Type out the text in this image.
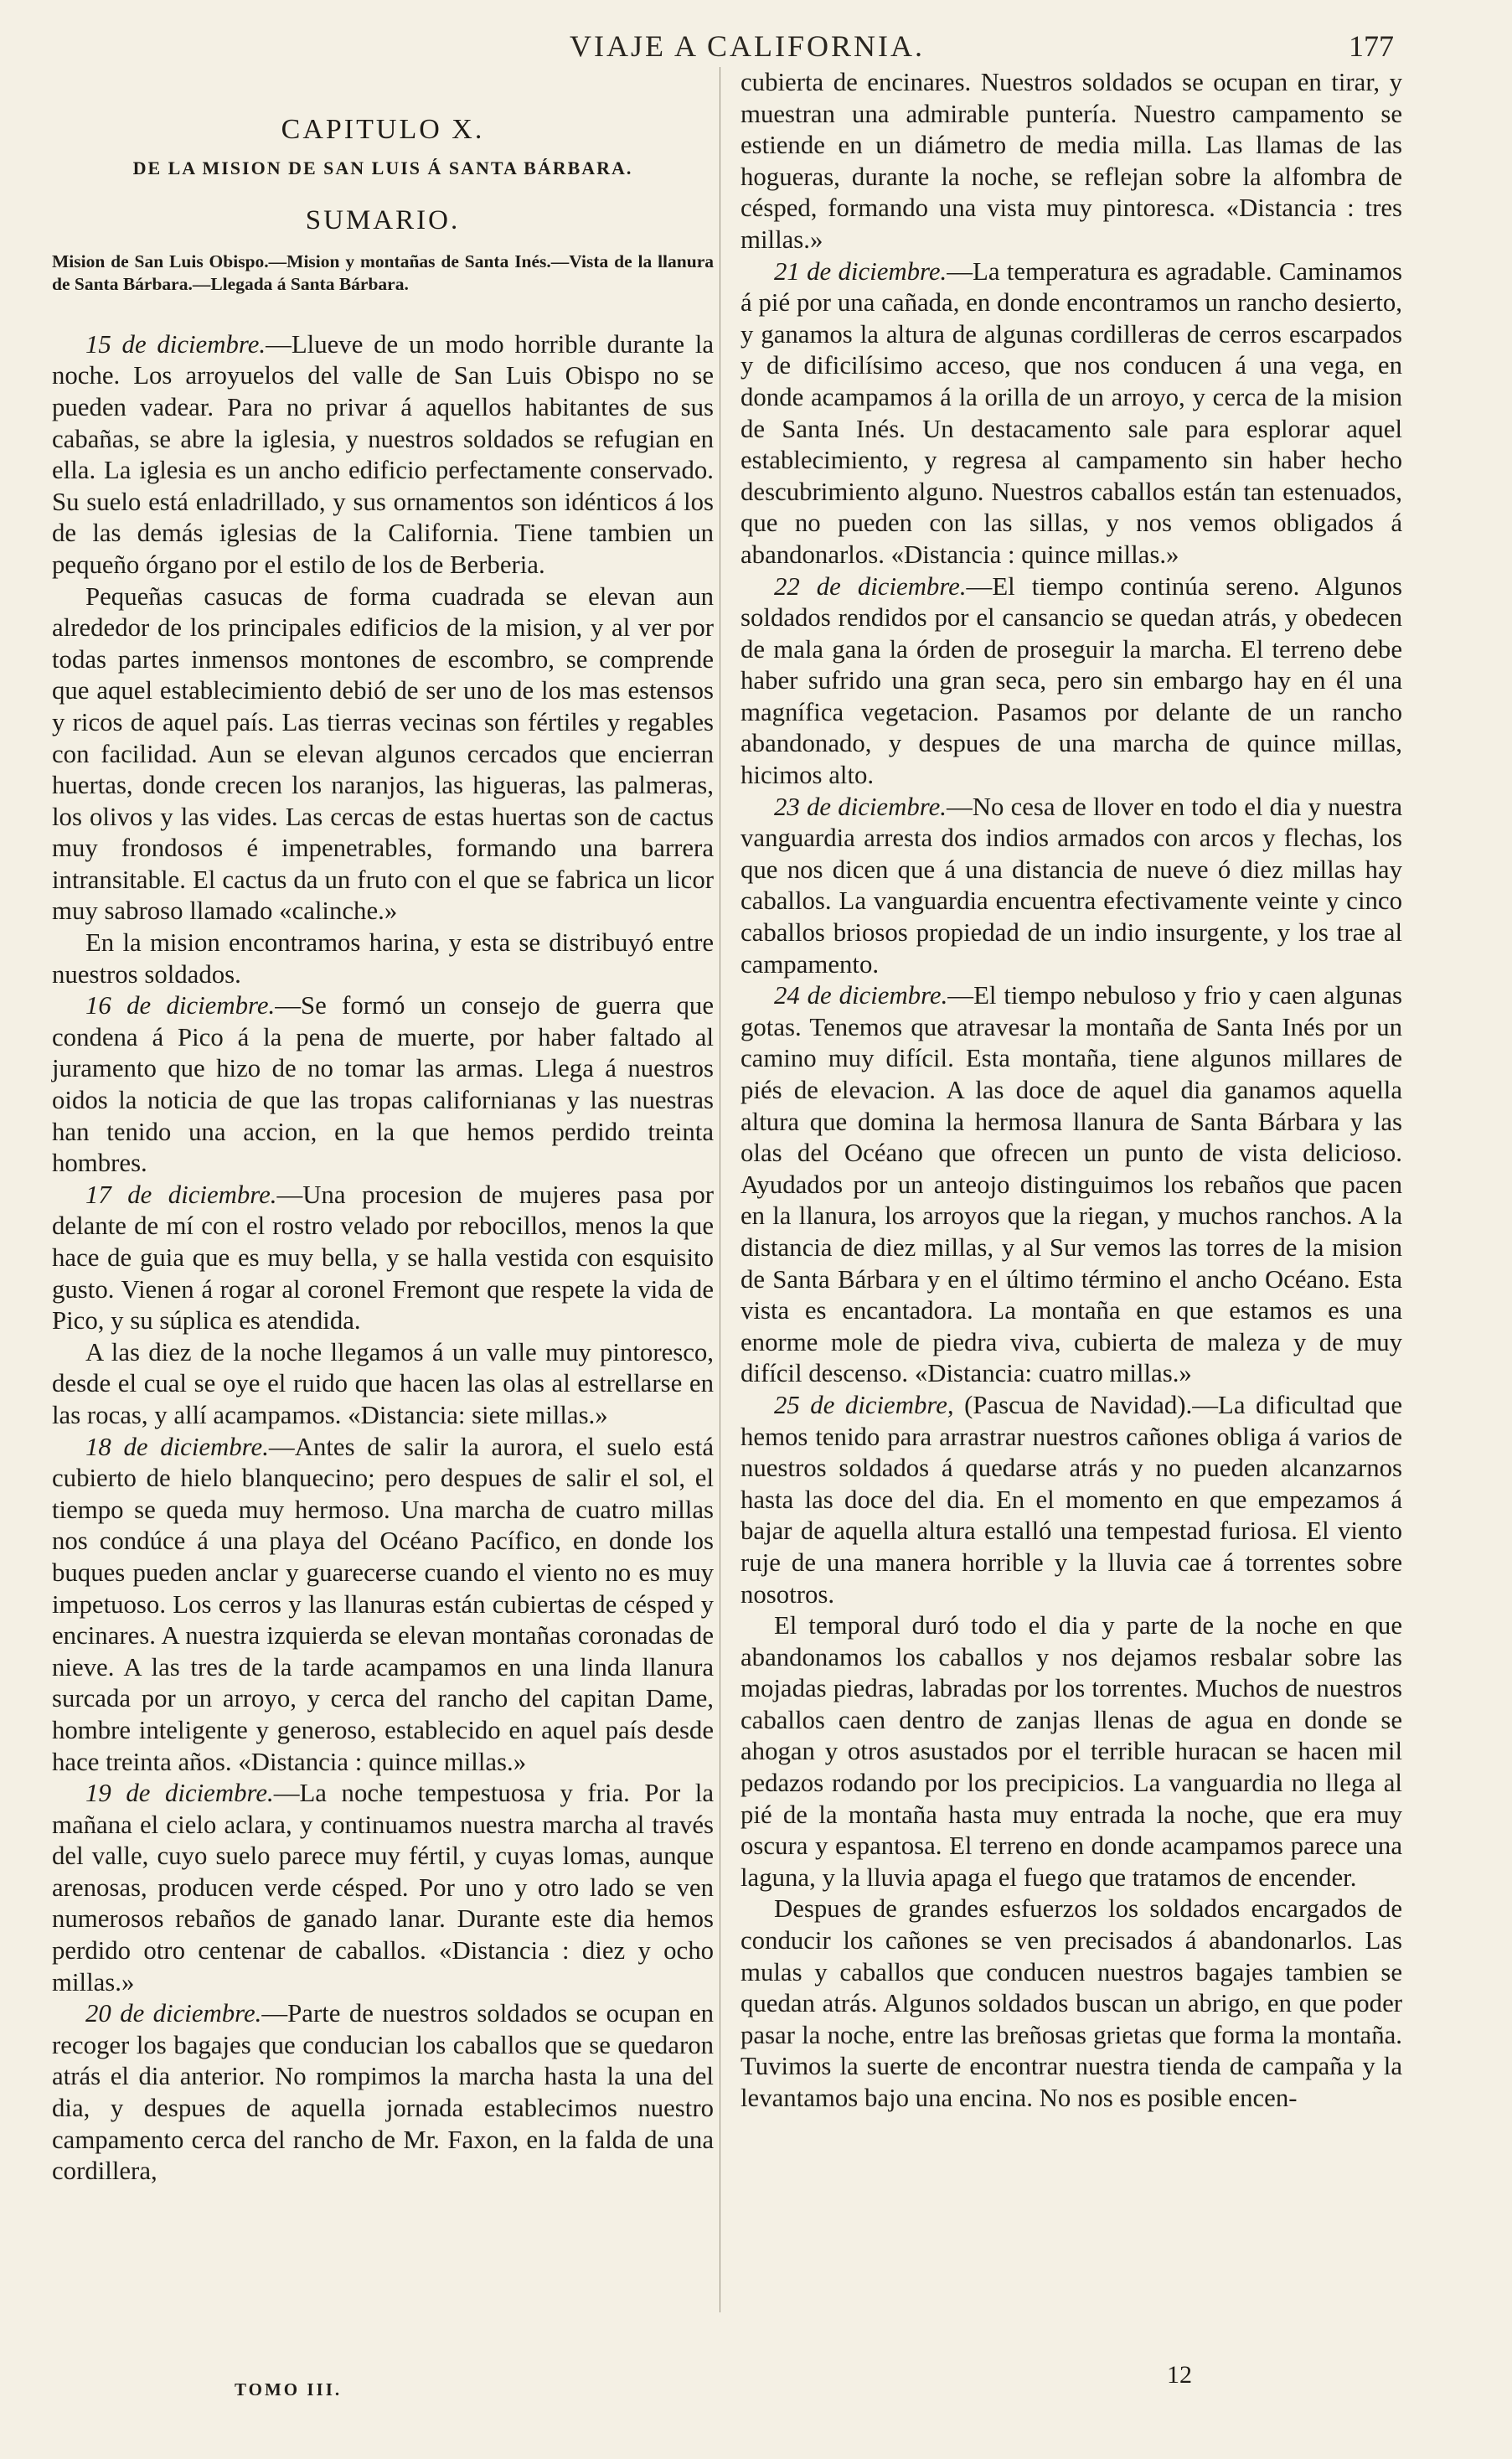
VIAJE A CALIFORNIA.	177
CAPITULO X.
DE LA MISION DE SAN LUIS Á SANTA BÁRBARA.
SUMARIO.
Mision de San Luis Obispo.—Mision y montañas de Santa Inés.—Vista de la llanura de Santa Bárbara.—Llegada á Santa Bárbara.

15 de diciembre.—Llueve de un modo horrible durante la noche. Los arroyuelos del valle de San Luis Obispo no se pueden vadear. Para no privar á aquellos habitantes de sus cabañas, se abre la iglesia, y nuestros soldados se refugian en ella. La iglesia es un ancho edificio perfectamente conservado. Su suelo está enladrillado, y sus ornamentos son idénticos á los de las demás iglesias de la California. Tiene tambien un pequeño órgano por el estilo de los de Berberia.

Pequeñas casucas de forma cuadrada se elevan aun alrededor de los principales edificios de la mision, y al ver por todas partes inmensos montones de escombro, se comprende que aquel establecimiento debió de ser uno de los mas estensos y ricos de aquel país. Las tierras vecinas son fértiles y regables con facilidad. Aun se elevan algunos cercados que encierran huertas, donde crecen los naranjos, las higueras, las palmeras, los olivos y las vides. Las cercas de estas huertas son de cactus muy frondosos é impenetrables, formando una barrera intransitable. El cactus da un fruto con el que se fabrica un licor muy sabroso llamado «calinche.»

En la mision encontramos harina, y esta se distribuyó entre nuestros soldados.

16 de diciembre.—Se formó un consejo de guerra que condena á Pico á la pena de muerte, por haber faltado al juramento que hizo de no tomar las armas. Llega á nuestros oidos la noticia de que las tropas californianas y las nuestras han tenido una accion, en la que hemos perdido treinta hombres.

17 de diciembre.—Una procesion de mujeres pasa por delante de mí con el rostro velado por rebocillos, menos la que hace de guia que es muy bella, y se halla vestida con esquisito gusto. Vienen á rogar al coronel Fremont que respete la vida de Pico, y su súplica es atendida.

A las diez de la noche llegamos á un valle muy pintoresco, desde el cual se oye el ruido que hacen las olas al estrellarse en las rocas, y allí acampamos. «Distancia: siete millas.»

18 de diciembre.—Antes de salir la aurora, el suelo está cubierto de hielo blanquecino; pero despues de salir el sol, el tiempo se queda muy hermoso. Una marcha de cuatro millas nos condúce á una playa del Océano Pacífico, en donde los buques pueden anclar y guarecerse cuando el viento no es muy impetuoso. Los cerros y las llanuras están cubiertas de césped y encinares. A nuestra izquierda se elevan montañas coronadas de nieve. A las tres de la tarde acampamos en una linda llanura surcada por un arroyo, y cerca del rancho del capitan Dame, hombre inteligente y generoso, establecido en aquel país desde hace treinta años. «Distancia : quince millas.»

19 de diciembre.—La noche tempestuosa y fria. Por la mañana el cielo aclara, y continuamos nuestra marcha al través del valle, cuyo suelo parece muy fértil, y cuyas lomas, aunque arenosas, producen verde césped. Por uno y otro lado se ven numerosos rebaños de ganado lanar. Durante este dia hemos perdido otro centenar de caballos. «Distancia : diez y ocho millas.»

20 de diciembre.—Parte de nuestros soldados se ocupan en recoger los bagajes que conducian los caballos que se quedaron atrás el dia anterior. No rompimos la marcha hasta la una del dia, y despues de aquella jornada establecimos nuestro campamento cerca del rancho de Mr. Faxon, en la falda de una cordillera,

cubierta de encinares. Nuestros soldados se ocupan en tirar, y muestran una admirable puntería. Nuestro campamento se estiende en un diámetro de media milla. Las llamas de las hogueras, durante la noche, se reflejan sobre la alfombra de césped, formando una vista muy pintoresca. «Distancia : tres millas.»

21 de diciembre.—La temperatura es agradable. Caminamos á pié por una cañada, en donde encontramos un rancho desierto, y ganamos la altura de algunas cordilleras de cerros escarpados y de dificilísimo acceso, que nos conducen á una vega, en donde acampamos á la orilla de un arroyo, y cerca de la mision de Santa Inés. Un destacamento sale para esplorar aquel establecimiento, y regresa al campamento sin haber hecho descubrimiento alguno. Nuestros caballos están tan estenuados, que no pueden con las sillas, y nos vemos obligados á abandonarlos. «Distancia : quince millas.»

22 de diciembre.—El tiempo continúa sereno. Algunos soldados rendidos por el cansancio se quedan atrás, y obedecen de mala gana la órden de proseguir la marcha. El terreno debe haber sufrido una gran seca, pero sin embargo hay en él una magnífica vegetacion. Pasamos por delante de un rancho abandonado, y despues de una marcha de quince millas, hicimos alto.

23 de diciembre.—No cesa de llover en todo el dia y nuestra vanguardia arresta dos indios armados con arcos y flechas, los que nos dicen que á una distancia de nueve ó diez millas hay caballos. La vanguardia encuentra efectivamente veinte y cinco caballos briosos propiedad de un indio insurgente, y los trae al campamento.

24 de diciembre.—El tiempo nebuloso y frio y caen algunas gotas. Tenemos que atravesar la montaña de Santa Inés por un camino muy difícil. Esta montaña, tiene algunos millares de piés de elevacion. A las doce de aquel dia ganamos aquella altura que domina la hermosa llanura de Santa Bárbara y las olas del Océano que ofrecen un punto de vista delicioso. Ayudados por un anteojo distinguimos los rebaños que pacen en la llanura, los arroyos que la riegan, y muchos ranchos. A la distancia de diez millas, y al Sur vemos las torres de la mision de Santa Bárbara y en el último término el ancho Océano. Esta vista es encantadora. La montaña en que estamos es una enorme mole de piedra viva, cubierta de maleza y de muy difícil descenso. «Distancia: cuatro millas.»

25 de diciembre, (Pascua de Navidad).—La dificultad que hemos tenido para arrastrar nuestros cañones obliga á varios de nuestros soldados á quedarse atrás y no pueden alcanzarnos hasta las doce del dia. En el momento en que empezamos á bajar de aquella altura estalló una tempestad furiosa. El viento ruje de una manera horrible y la lluvia cae á torrentes sobre nosotros.

El temporal duró todo el dia y parte de la noche en que abandonamos los caballos y nos dejamos resbalar sobre las mojadas piedras, labradas por los torrentes. Muchos de nuestros caballos caen dentro de zanjas llenas de agua en donde se ahogan y otros asustados por el terrible huracan se hacen mil pedazos rodando por los precipicios. La vanguardia no llega al pié de la montaña hasta muy entrada la noche, que era muy oscura y espantosa. El terreno en donde acampamos parece una laguna, y la lluvia apaga el fuego que tratamos de encender.

Despues de grandes esfuerzos los soldados encargados de conducir los cañones se ven precisados á abandonarlos. Las mulas y caballos que conducen nuestros bagajes tambien se quedan atrás. Algunos soldados buscan un abrigo, en que poder pasar la noche, entre las breñosas grietas que forma la montaña. Tuvimos la suerte de encontrar nuestra tienda de campaña y la levantamos bajo una encina. No nos es posible encen-

TOMO III.
12
